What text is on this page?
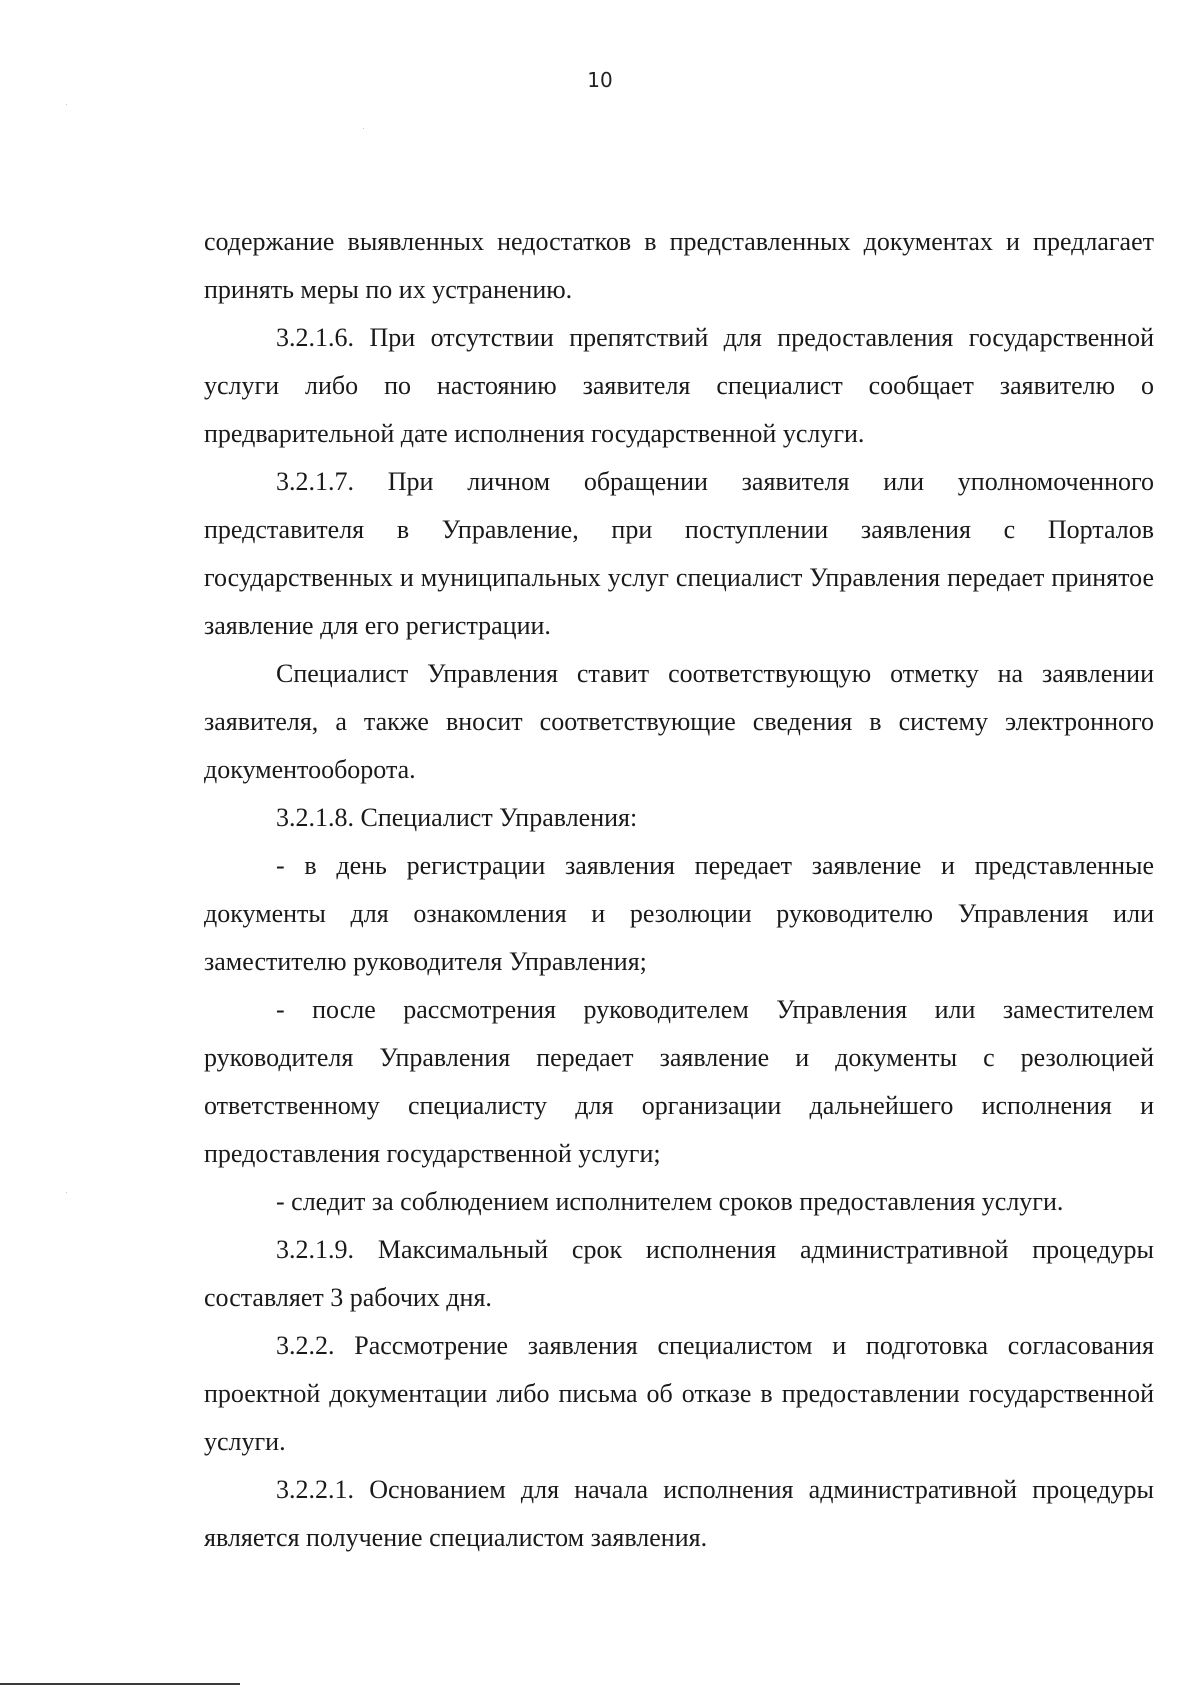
10

содержание выявленных недостатков в представленных документах и предлагает принять меры по их устранению.

3.2.1.6. При отсутствии препятствий для предоставления государственной услуги либо по настоянию заявителя специалист сообщает заявителю о предварительной дате исполнения государственной услуги.

3.2.1.7. При личном обращении заявителя или уполномоченного представителя в Управление, при поступлении заявления с Порталов государственных и муниципальных услуг специалист Управления передает принятое заявление для его регистрации.

Специалист Управления ставит соответствующую отметку на заявлении заявителя, а также вносит соответствующие сведения в систему электронного документооборота.

3.2.1.8. Специалист Управления:

- в день регистрации заявления передает заявление и представленные документы для ознакомления и резолюции руководителю Управления или заместителю руководителя Управления;

- после рассмотрения руководителем Управления или заместителем руководителя Управления передает заявление и документы с резолюцией ответственному специалисту для организации дальнейшего исполнения и предоставления государственной услуги;

- следит за соблюдением исполнителем сроков предоставления услуги.

3.2.1.9. Максимальный срок исполнения административной процедуры составляет 3 рабочих дня.

3.2.2. Рассмотрение заявления специалистом и подготовка согласования проектной документации либо письма об отказе в предоставлении государственной услуги.

3.2.2.1. Основанием для начала исполнения административной процедуры является получение специалистом заявления.
